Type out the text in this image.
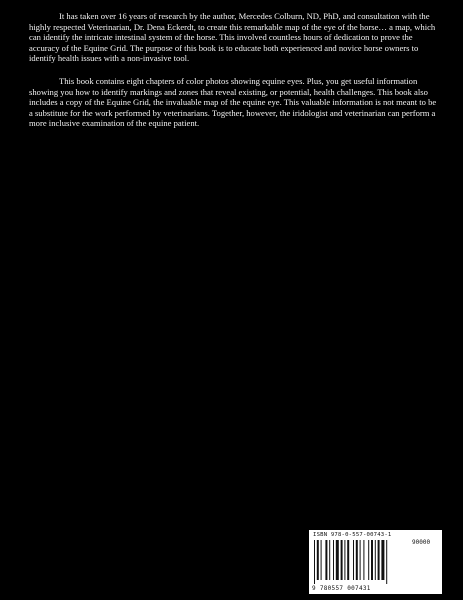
It has taken over 16 years of research by the author, Mercedes Colburn, ND, PhD, and consultation with the highly respected Veterinarian, Dr. Dena Eckerdt, to create this remarkable map of the eye of the horse… a map, which can identify the intricate intestinal system of the horse. This involved countless hours of dedication to prove the accuracy of the Equine Grid. The purpose of this book is to educate both experienced and novice horse owners to identify health issues with a non-invasive tool.

This book contains eight chapters of color photos showing equine eyes. Plus, you get useful information showing you how to identify markings and zones that reveal existing, or potential, health challenges. This book also includes a copy of the Equine Grid, the invaluable map of the equine eye. This valuable information is not meant to be a substitute for the work performed by veterinarians. Together, however, the iridologist and veterinarian can perform a more inclusive examination of the equine patient.

ISBN 978-0-557-00743-1
90000
9 780557 007431
